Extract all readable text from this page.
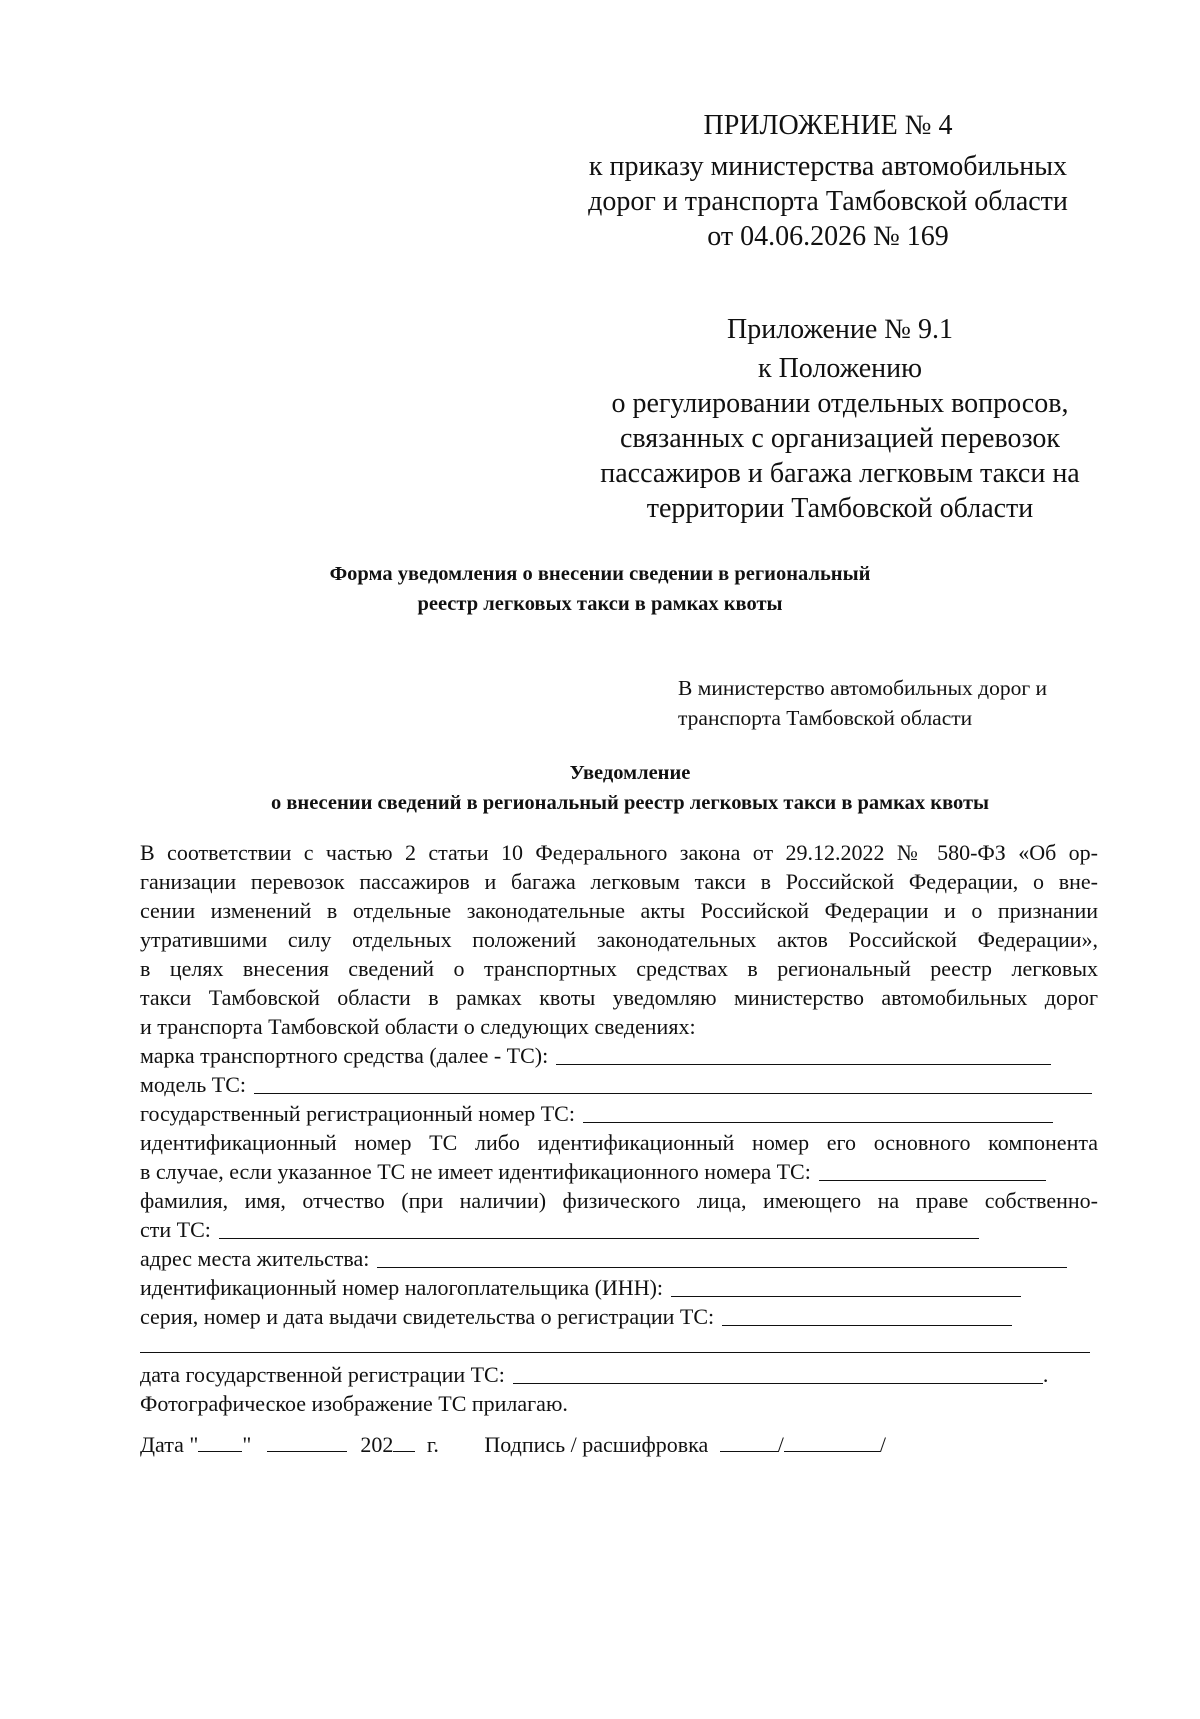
ПРИЛОЖЕНИЕ № 4
к приказу министерства автомобильных
дорог и транспорта Тамбовской области
от 04.06.2026 № 169
Приложение № 9.1
к Положению
о регулировании отдельных вопросов,
связанных с организацией перевозок
пассажиров и багажа легковым такси на
территории Тамбовской области
Форма уведомления о внесении сведении в региональный
реестр легковых такси в рамках квоты
В министерство автомобильных дорог и
транспорта Тамбовской области
Уведомление
о внесении сведений в региональный реестр легковых такси в рамках квоты
В соответствии с частью 2 статьи 10 Федерального закона от 29.12.2022 № 580-ФЗ «Об ор-
ганизации перевозок пассажиров и багажа легковым такси в Российской Федерации, о вне-
сении изменений в отдельные законодательные акты Российской Федерации и о признании
утратившими силу отдельных положений законодательных актов Российской Федерации»,
в целях внесения сведений о транспортных средствах в региональный реестр легковых
такси Тамбовской области в рамках квоты уведомляю министерство автомобильных дорог
и транспорта Тамбовской области о следующих сведениях:
марка транспортного средства (далее - ТС):
модель ТС:
государственный регистрационный номер ТС:
идентификационный номер ТС либо идентификационный номер его основного компонента
в случае, если указанное ТС не имеет идентификационного номера ТС:
фамилия, имя, отчество (при наличии) физического лица, имеющего на праве собственно-
сти ТС:
адрес места жительства:
идентификационный номер налогоплательщика (ИНН):
серия, номер и дата выдачи свидетельства о регистрации ТС:
дата государственной регистрации ТС:	.
Фотографическое изображение ТС прилагаю.
Дата " "	202 г. Подпись / расшифровка	/	/
